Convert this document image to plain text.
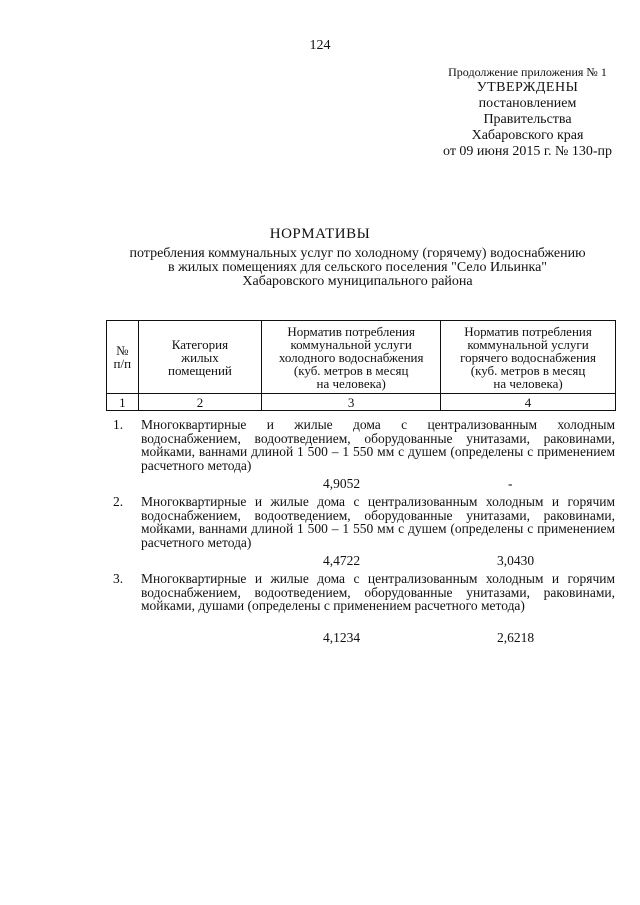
124
Продолжение приложения № 1
УТВЕРЖДЕНЫ
постановлением
Правительства
Хабаровского края
от 09 июня 2015 г. № 130-пр
НОРМАТИВЫ
потребления коммунальных услуг по холодному (горячему) водоснабжению
в жилых помещениях для сельского поселения "Село Ильинка"
Хабаровского муниципального района
№
п/п	Категория
жилых
помещений	Норматив потребления
коммунальной услуги
холодного водоснабжения
(куб. метров в месяц
на человека)	Норматив потребления
коммунальной услуги
горячего водоснабжения
(куб. метров в месяц
на человека)

1	2	3	4
1. Многоквартирные и жилые дома с централизованным холодным водоснабжением, водоотведением, оборудованные унитазами, раковинами, мойками, ваннами длиной 1 500 – 1 550 мм с душем (определены с применением расчетного метода)
4,9052	-
2. Многоквартирные и жилые дома с централизованным холодным и горячим водоснабжением, водоотведением, оборудованные унитазами, раковинами, мойками, ваннами длиной 1 500 – 1 550 мм с душем (определены с применением расчетного метода)
4,4722	3,0430
3. Многоквартирные и жилые дома с централизованным холодным и горячим водоснабжением, водоотведением, оборудованные унитазами, раковинами, мойками, душами (определены с применением расчетного метода)
4,1234	2,6218
